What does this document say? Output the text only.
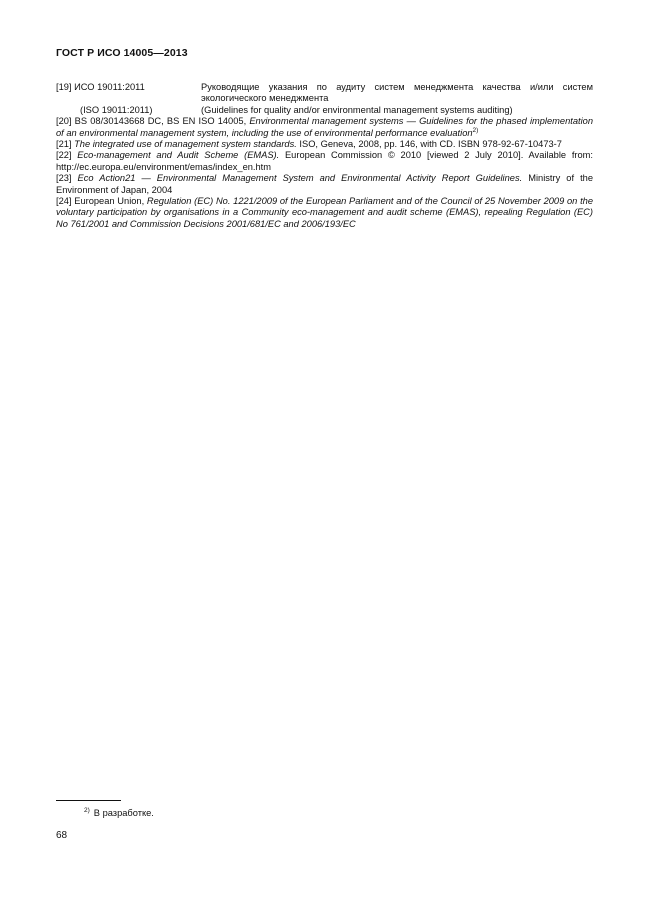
ГОСТ Р ИСО 14005—2013
[19] ИСО 19011:2011	Руководящие указания по аудиту систем менеджмента качества и/или систем экологического менеджмента
(ISO 19011:2011)	(Guidelines for quality and/or environmental management systems auditing)
[20] BS 08/30143668 DC, BS EN ISO 14005, Environmental management systems — Guidelines for the phased implementation of an environmental management system, including the use of environmental performance evaluation$^{2)}$
[21] The integrated use of management system standards. ISO, Geneva, 2008, pp. 146, with CD. ISBN 978-92-67-10473-7
[22] Eco-management and Audit Scheme (EMAS). European Commission © 2010 [viewed 2 July 2010]. Available from: http://ec.europa.eu/environment/emas/index_en.htm
[23] Eco Action21 — Environmental Management System and Environmental Activity Report Guidelines. Ministry of the Environment of Japan, 2004
[24] European Union, Regulation (EC) No. 1221/2009 of the European Parliament and of the Council of 25 November 2009 on the voluntary participation by organisations in a Community eco-management and audit scheme (EMAS), repealing Regulation (EC) No 761/2001 and Commission Decisions 2001/681/EC and 2006/193/EC
$^{2)}$ В разработке.
68
